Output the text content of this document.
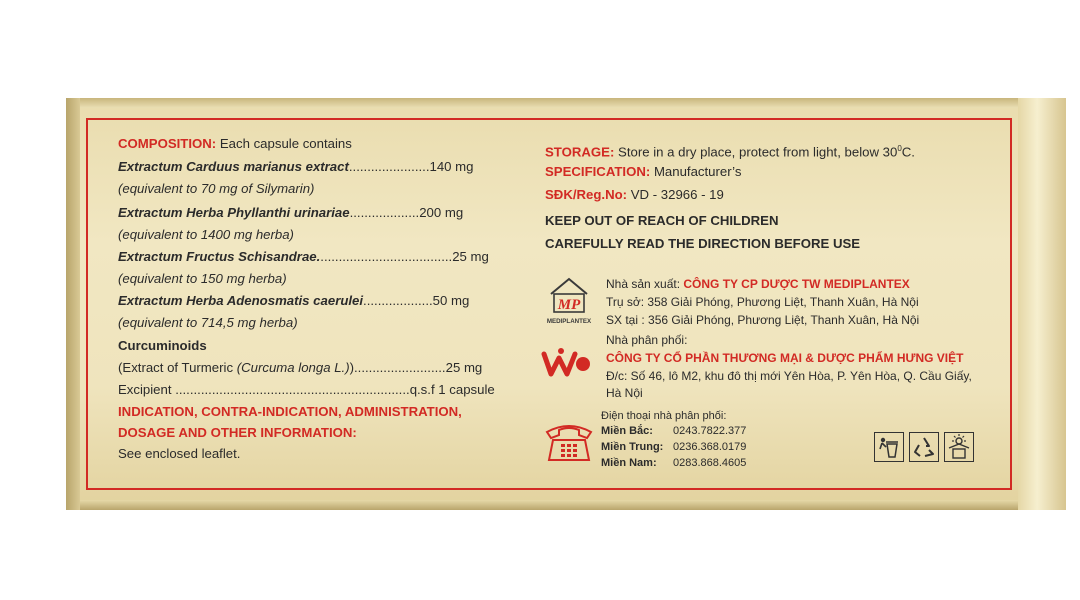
COMPOSITION: Each capsule contains
Extractum Carduus marianus extract......................140 mg
(equivalent to 70 mg of Silymarin)
Extractum Herba Phyllanthi urinariae...................200 mg
(equivalent to 1400 mg herba)
Extractum Fructus Schisandrae.....................................25 mg
(equivalent to 150 mg herba)
Extractum Herba Adenosmatis caerulei...................50 mg
(equivalent to 714,5 mg herba)
Curcuminoids
(Extract of Turmeric (Curcuma longa L.)).........................25 mg
Excipient ................................................................q.s.f 1 capsule
INDICATION, CONTRA-INDICATION, ADMINISTRATION,
DOSAGE AND OTHER INFORMATION:
See enclosed leaflet.
STORAGE: Store in a dry place, protect from light, below $30^0C$.
SPECIFICATION: Manufacturer’s
SĐK/Reg.No: VD - 32966 - 19
KEEP OUT OF REACH OF CHILDREN
CAREFULLY READ THE DIRECTION BEFORE USE
MP
MEDIPLANTEX
Nhà sản xuất: CÔNG TY CP DƯỢC TW MEDIPLANTEX
Trụ sở: 358 Giải Phóng, Phương Liệt, Thanh Xuân, Hà Nội
SX tại : 356 Giải Phóng, Phương Liệt, Thanh Xuân, Hà Nội
Nhà phân phối:
CÔNG TY CỔ PHẦN THƯƠNG MẠI & DƯỢC PHẨM HƯNG VIỆT
Đ/c: Số 46, lô M2, khu đô thị mới Yên Hòa, P. Yên Hòa, Q. Cầu Giấy,
Hà Nội
Điện thoại nhà phân phối:
Miền Bắc: 0243.7822.377
Miền Trung: 0236.368.0179
Miền Nam: 0283.868.4605
